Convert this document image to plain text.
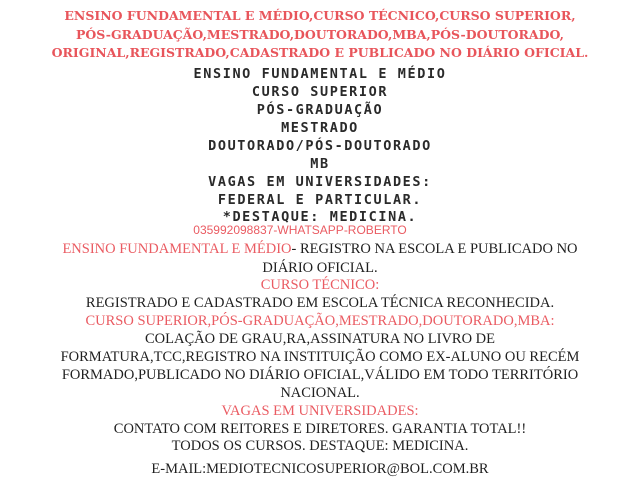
ENSINO FUNDAMENTAL E MÉDIO,CURSO TÉCNICO,CURSO SUPERIOR,
PÓS-GRADUAÇÃO,MESTRADO,DOUTORADO,MBA,PÓS-DOUTORADO,
ORIGINAL,REGISTRADO,CADASTRADO E PUBLICADO NO DIÁRIO OFICIAL.
ENSINO FUNDAMENTAL E MÉDIO
CURSO SUPERIOR
PÓS-GRADUAÇÃO
MESTRADO
DOUTORADO/PÓS-DOUTORADO
MB
VAGAS EM UNIVERSIDADES:
FEDERAL E PARTICULAR.
*DESTAQUE: MEDICINA.
035992098837-WHATSAPP-ROBERTO
ENSINO FUNDAMENTAL E MÉDIO- REGISTRO NA ESCOLA E PUBLICADO NO
DIÁRIO OFICIAL.
CURSO TÉCNICO:
REGISTRADO E CADASTRADO EM ESCOLA TÉCNICA RECONHECIDA.
CURSO SUPERIOR,PÓS-GRADUAÇÃO,MESTRADO,DOUTORADO,MBA:
COLAÇÃO DE GRAU,RA,ASSINATURA NO LIVRO DE
FORMATURA,TCC,REGISTRO NA INSTITUIÇÃO COMO EX-ALUNO OU RECÉM
FORMADO,PUBLICADO NO DIÁRIO OFICIAL,VÁLIDO EM TODO TERRITÓRIO
NACIONAL.
VAGAS EM UNIVERSIDADES:
CONTATO COM REITORES E DIRETORES. GARANTIA TOTAL!!
TODOS OS CURSOS. DESTAQUE: MEDICINA.
E-MAIL:MEDIOTECNICOSUPERIOR@BOL.COM.BR
